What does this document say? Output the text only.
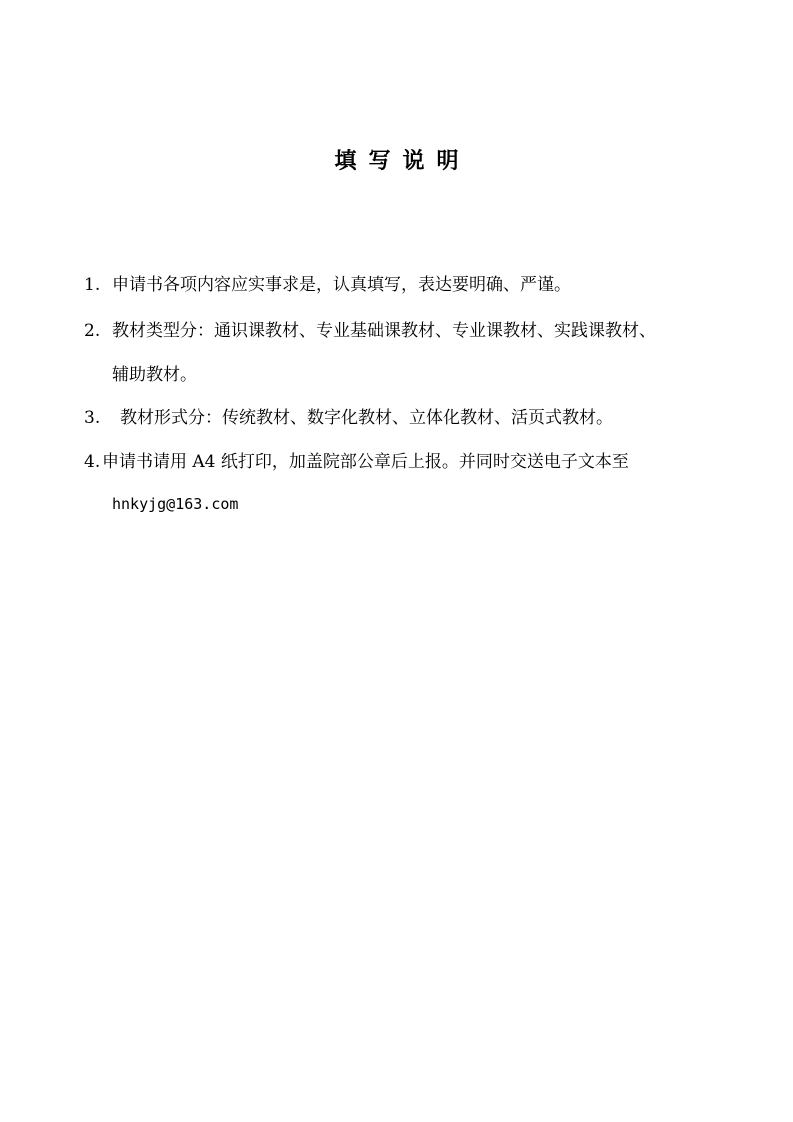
填写说明
1. 申请书各项内容应实事求是，认真填写，表达要明确、严谨。
2. 教材类型分：通识课教材、专业基础课教材、专业课教材、实践课教材、
辅助教材。
3. 教材形式分：传统教材、数字化教材、立体化教材、活页式教材。
4. 申请书请用 A4 纸打印，加盖院部公章后上报。并同时交送电子文本至
hnkyjg@163.com
